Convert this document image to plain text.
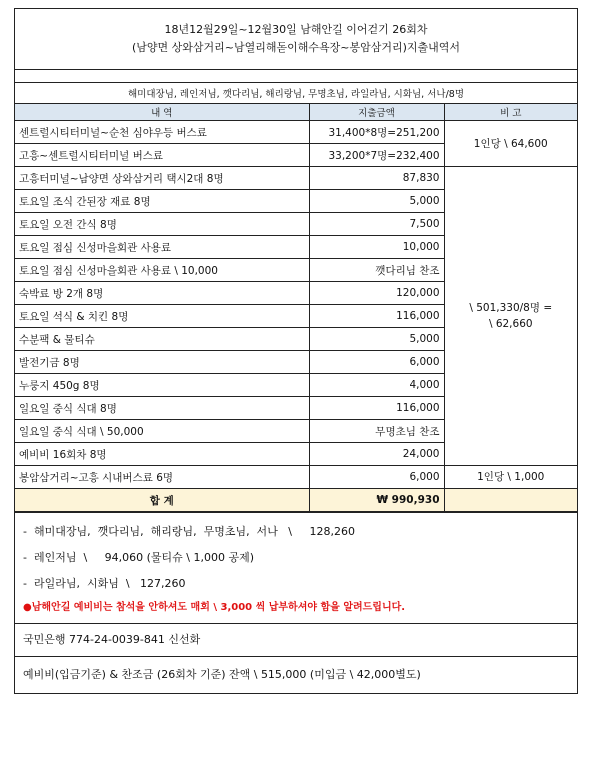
18년12월29일~12월30일 남해안길 이어걷기 26회차
(남양면 상와삼거리~남열리해돋이해수욕장~봉암삼거리)지출내역서
해미대장님, 레인저님, 깻다리님, 해리랑님, 무명초님, 라일라님, 시화님, 서나/8명
내 역	지출금액	비 고
센트럴시티터미널~순천 심야우등 버스료	31,400*8명=251,200	1인당 \ 64,600
고흥~센트럴시티터미널 버스료	33,200*7명=232,400	
고흥터미널~남양면 상와삼거리 택시2대 8명	87,830	\ 501,330/8명 =
\ 62,660

토요일 조식 간된장 재료 8명	5,000	
토요일 오전 간식 8명	7,500	
토요일 점심 신성마을회관 사용료	10,000	
토요일 점심 신성마을회관 사용료 \ 10,000	깻다리님 찬조	
숙박료 방 2개 8명	120,000	
토요일 석식 & 치킨 8명	116,000	
수분팩 & 물티슈	5,000	
발전기금 8명	6,000	
누룽지 450g 8명	4,000	
일요일 중식 식대 8명	116,000	
일요일 중식 식대 \ 50,000	무명초님 찬조	
예비비 16회차 8명	24,000	
봉암삼거리~고흥 시내버스료 6명	6,000	1인당 \ 1,000
합 계	₩ 990,930	
-  해미대장님,  깻다리님,  해리랑님,  무명초님,  서나   \     128,260
-  레인저님  \     94,060 (물티슈 \ 1,000 공제)
-  라일라님,  시화님  \   127,260
●남해안길 예비비는 참석을 안하셔도 매회 \ 3,000 씩 납부하셔야 함을 알려드립니다.
국민은행 774-24-0039-841 신선화
예비비(입금기준) & 찬조금 (26회차 기준) 잔액 \ 515,000 (미입금 \ 42,000별도)
